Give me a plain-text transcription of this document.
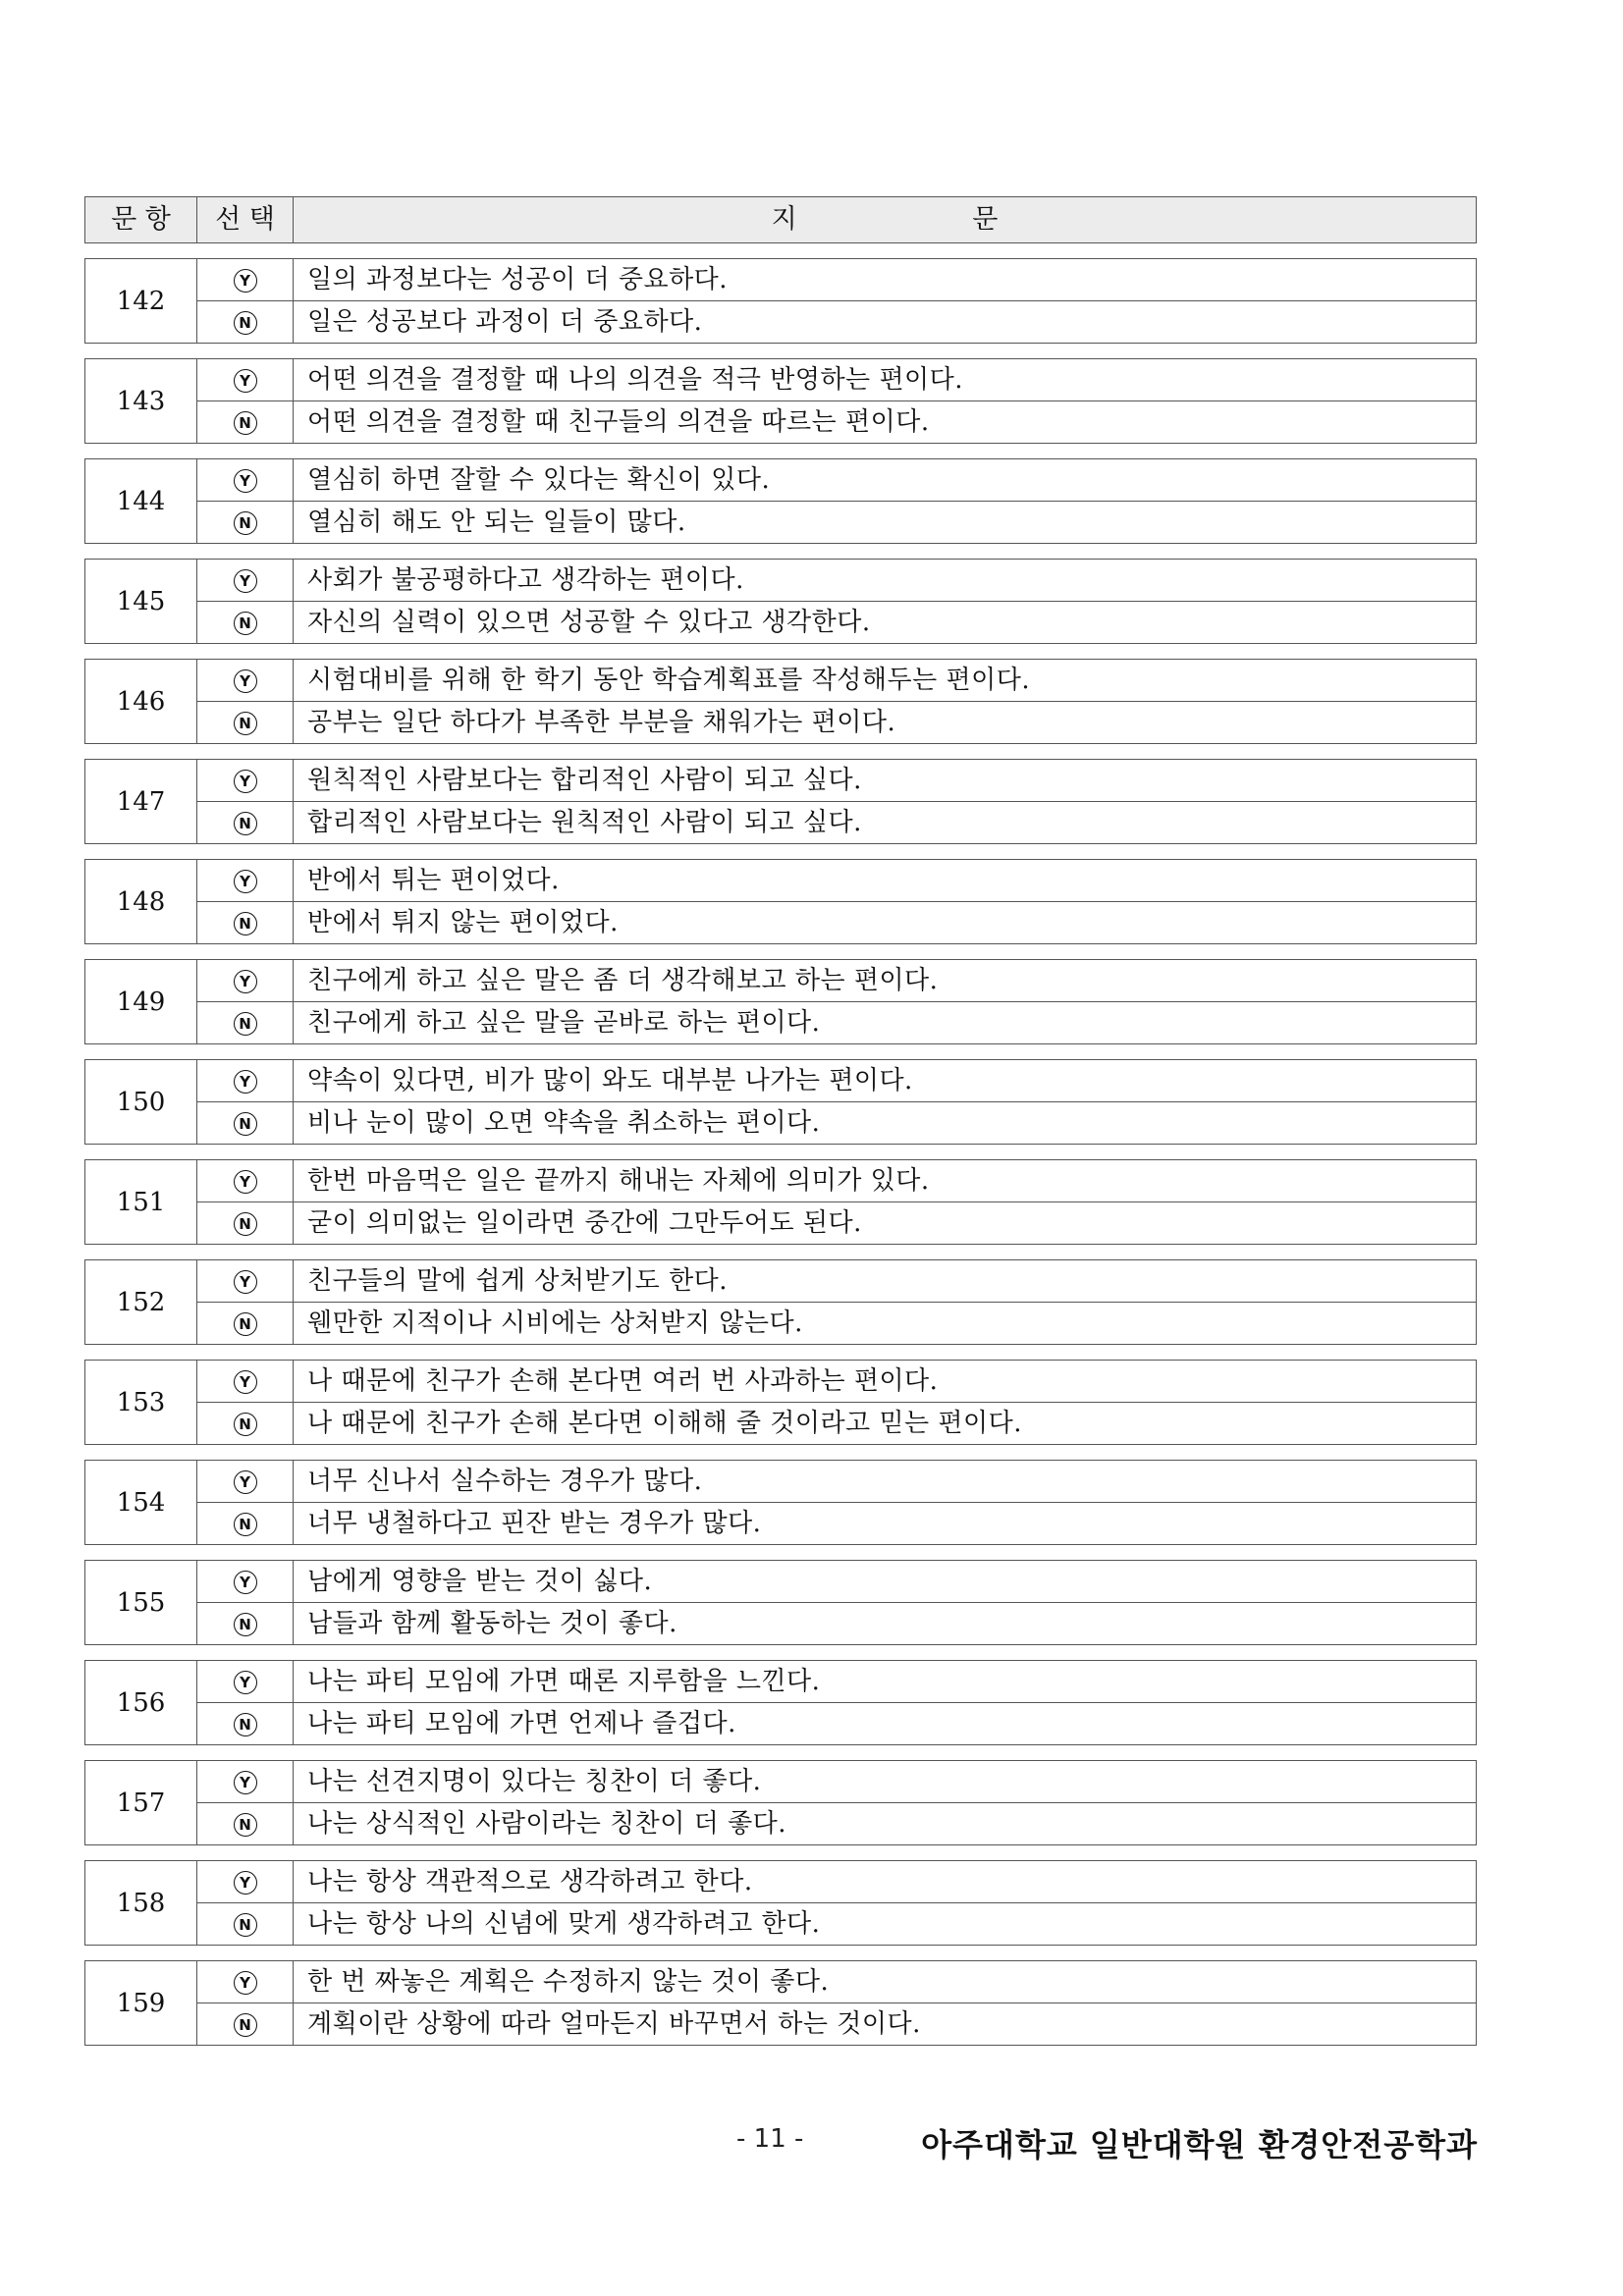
문 항	선 택	지 문

142	Y	일의 과정보다는 성공이 더 중요하다.
	N	일은 성공보다 과정이 더 중요하다.

143	Y	어떤 의견을 결정할 때 나의 의견을 적극 반영하는 편이다.
	N	어떤 의견을 결정할 때 친구들의 의견을 따르는 편이다.

144	Y	열심히 하면 잘할 수 있다는 확신이 있다.
	N	열심히 해도 안 되는 일들이 많다.

145	Y	사회가 불공평하다고 생각하는 편이다.
	N	자신의 실력이 있으면 성공할 수 있다고 생각한다.

146	Y	시험대비를 위해 한 학기 동안 학습계획표를 작성해두는 편이다.
	N	공부는 일단 하다가 부족한 부분을 채워가는 편이다.

147	Y	원칙적인 사람보다는 합리적인 사람이 되고 싶다.
	N	합리적인 사람보다는 원칙적인 사람이 되고 싶다.

148	Y	반에서 튀는 편이었다.
	N	반에서 튀지 않는 편이었다.

149	Y	친구에게 하고 싶은 말은 좀 더 생각해보고 하는 편이다.
	N	친구에게 하고 싶은 말을 곧바로 하는 편이다.

150	Y	약속이 있다면, 비가 많이 와도 대부분 나가는 편이다.
	N	비나 눈이 많이 오면 약속을 취소하는 편이다.

151	Y	한번 마음먹은 일은 끝까지 해내는 자체에 의미가 있다.
	N	굳이 의미없는 일이라면 중간에 그만두어도 된다.

152	Y	친구들의 말에 쉽게 상처받기도 한다.
	N	웬만한 지적이나 시비에는 상처받지 않는다.

153	Y	나 때문에 친구가 손해 본다면 여러 번 사과하는 편이다.
	N	나 때문에 친구가 손해 본다면 이해해 줄 것이라고 믿는 편이다.

154	Y	너무 신나서 실수하는 경우가 많다.
	N	너무 냉철하다고 핀잔 받는 경우가 많다.

155	Y	남에게 영향을 받는 것이 싫다.
	N	남들과 함께 활동하는 것이 좋다.

156	Y	나는 파티 모임에 가면 때론 지루함을 느낀다.
	N	나는 파티 모임에 가면 언제나 즐겁다.

157	Y	나는 선견지명이 있다는 칭찬이 더 좋다.
	N	나는 상식적인 사람이라는 칭찬이 더 좋다.

158	Y	나는 항상 객관적으로 생각하려고 한다.
	N	나는 항상 나의 신념에 맞게 생각하려고 한다.

159	Y	한 번 짜놓은 계획은 수정하지 않는 것이 좋다.
	N	계획이란 상황에 따라 얼마든지 바꾸면서 하는 것이다.
- 11 -	아주대학교 일반대학원 환경안전공학과
